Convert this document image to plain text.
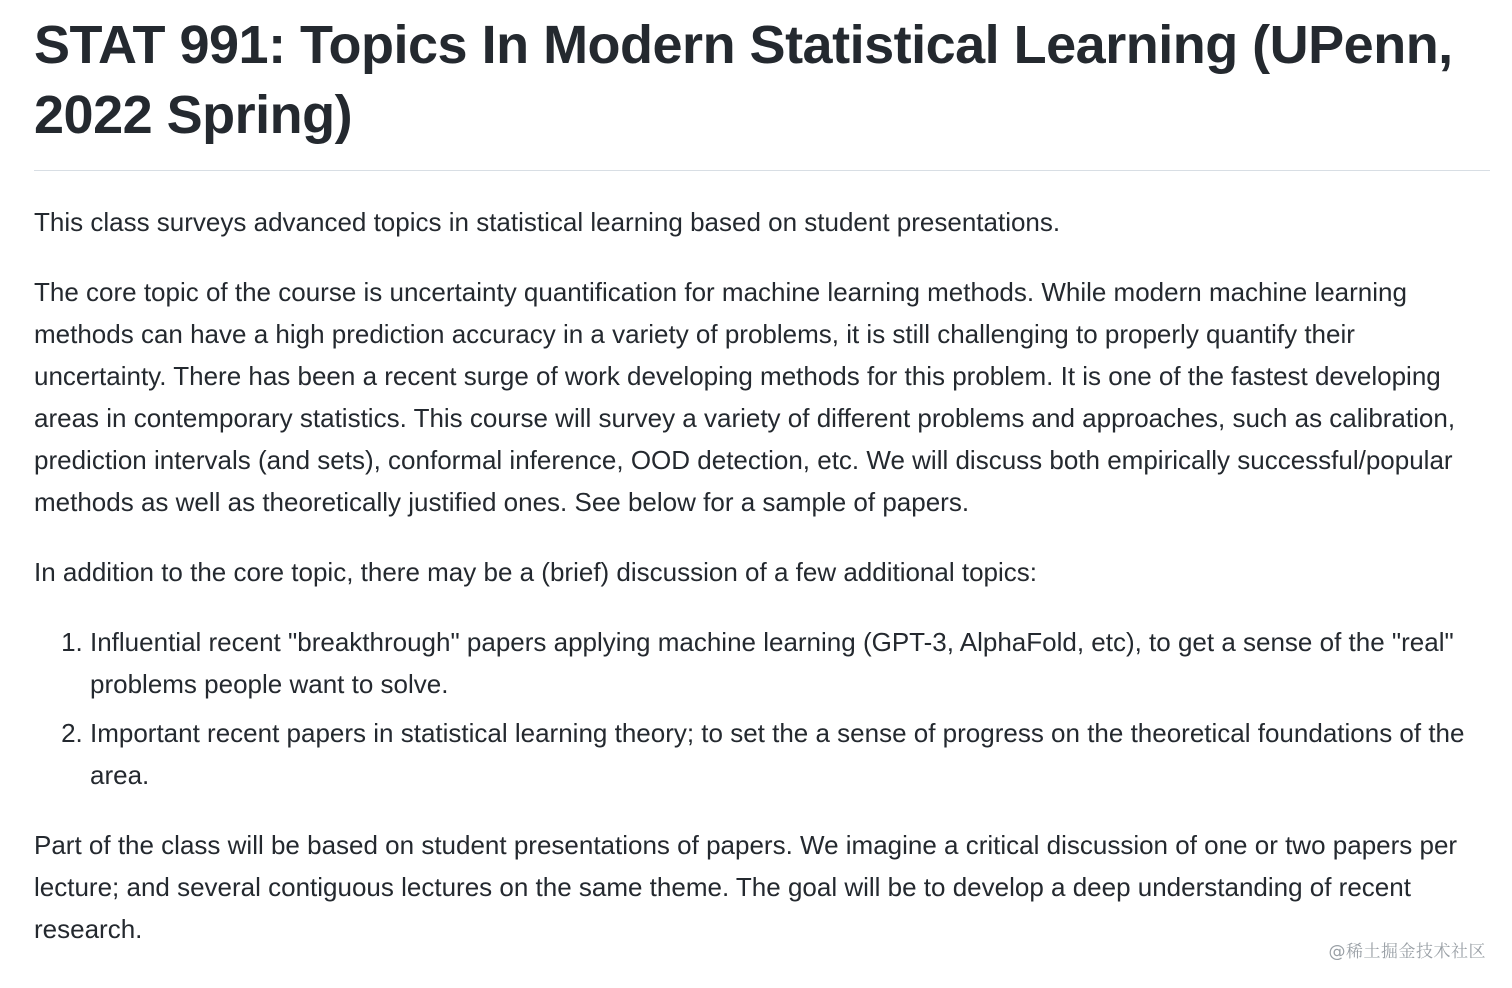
STAT 991: Topics In Modern Statistical Learning (UPenn, 2022 Spring)

This class surveys advanced topics in statistical learning based on student presentations.

The core topic of the course is uncertainty quantification for machine learning methods. While modern machine learning methods can have a high prediction accuracy in a variety of problems, it is still challenging to properly quantify their uncertainty. There has been a recent surge of work developing methods for this problem. It is one of the fastest developing areas in contemporary statistics. This course will survey a variety of different problems and approaches, such as calibration, prediction intervals (and sets), conformal inference, OOD detection, etc. We will discuss both empirically successful/popular methods as well as theoretically justified ones. See below for a sample of papers.

In addition to the core topic, there may be a (brief) discussion of a few additional topics:

1. Influential recent "breakthrough" papers applying machine learning (GPT-3, AlphaFold, etc), to get a sense of the "real" problems people want to solve.
2. Important recent papers in statistical learning theory; to set the a sense of progress on the theoretical foundations of the area.

Part of the class will be based on student presentations of papers. We imagine a critical discussion of one or two papers per lecture; and several contiguous lectures on the same theme. The goal will be to develop a deep understanding of recent research.

@稀土掘金技术社区
